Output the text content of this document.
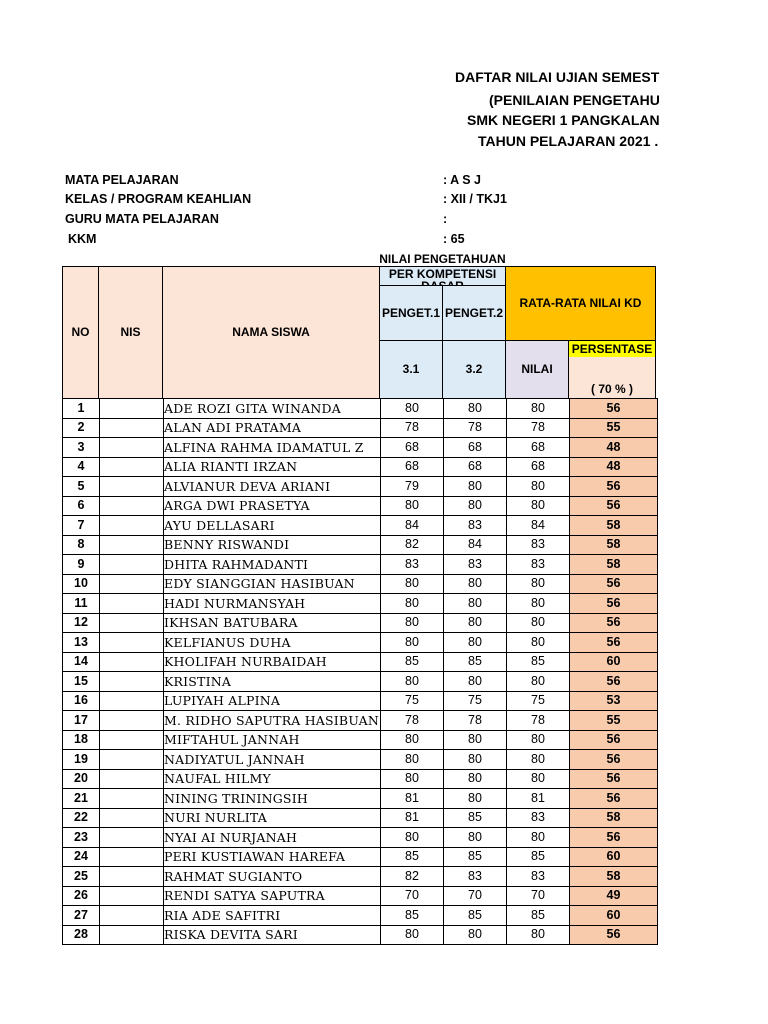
DAFTAR NILAI UJIAN SEMEST
(PENILAIAN PENGETAHU
SMK NEGERI 1 PANGKALAN
TAHUN PELAJARAN 2021 .
MATA PELAJARAN	: A S J
KELAS / PROGRAM KEAHLIAN	: XII / TKJ1
GURU MATA PELAJARAN	:
KKM	: 65
NILAI PENGETAHUAN
NO	NIS	NAMA SISWA
PER KOMPETENSI
PENGET.1 PENGET.2
3.1	3.2
RATA-RATA NILAI KD
NILAI
PERSENTASE
( 70 % )
1		ADE ROZI GITA WINANDA	80	80	80	56
2		ALAN ADI PRATAMA	78	78	78	55
3		ALFINA RAHMA IDAMATUL Z	68	68	68	48
4		ALIA RIANTI IRZAN	68	68	68	48
5		ALVIANUR DEVA ARIANI	79	80	80	56
6		ARGA DWI PRASETYA	80	80	80	56
7		AYU DELLASARI	84	83	84	58
8		BENNY RISWANDI	82	84	83	58
9		DHITA RAHMADANTI	83	83	83	58
10		EDY SIANGGIAN HASIBUAN	80	80	80	56
11		HADI NURMANSYAH	80	80	80	56
12		IKHSAN BATUBARA	80	80	80	56
13		KELFIANUS DUHA	80	80	80	56
14		KHOLIFAH NURBAIDAH	85	85	85	60
15		KRISTINA	80	80	80	56
16		LUPIYAH ALPINA	75	75	75	53
17		M. RIDHO SAPUTRA HASIBUAN	78	78	78	55
18		MIFTAHUL JANNAH	80	80	80	56
19		NADIYATUL JANNAH	80	80	80	56
20		NAUFAL HILMY	80	80	80	56
21		NINING TRININGSIH	81	80	81	56
22		NURI NURLITA	81	85	83	58
23		NYAI AI NURJANAH	80	80	80	56
24		PERI KUSTIAWAN HAREFA	85	85	85	60
25		RAHMAT SUGIANTO	82	83	83	58
26		RENDI SATYA SAPUTRA	70	70	70	49
27		RIA ADE SAFITRI	85	85	85	60
28		RISKA DEVITA SARI	80	80	80	56
